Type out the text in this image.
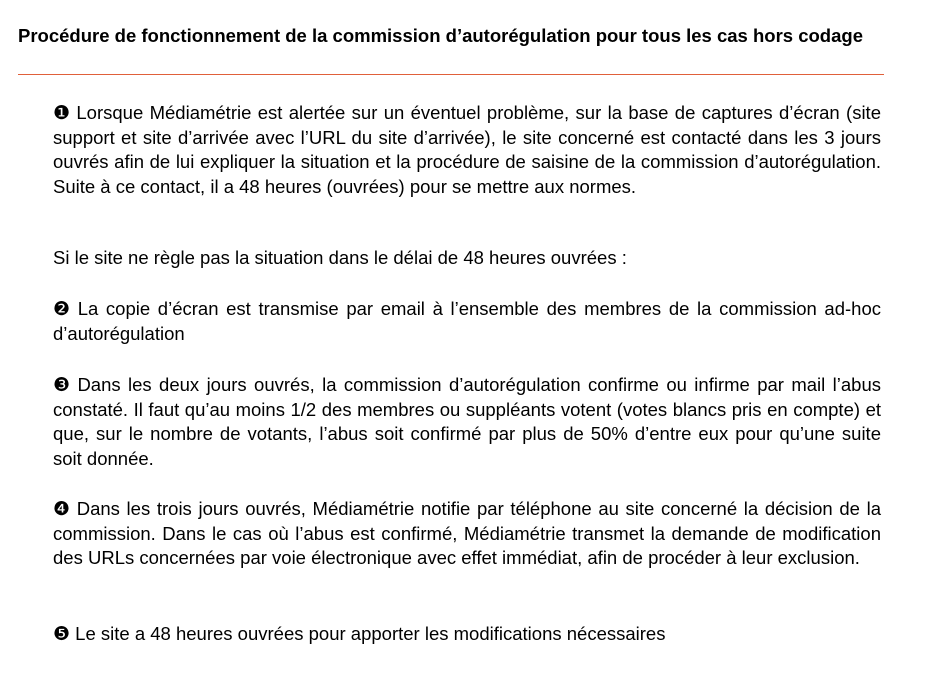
Procédure de fonctionnement de la commission d’autorégulation pour tous les cas hors codage

❶ Lorsque Médiamétrie est alertée sur un éventuel problème, sur la base de captures d’écran (site support et site d’arrivée avec l’URL du site d’arrivée), le site concerné est contacté dans les 3 jours ouvrés afin de lui expliquer la situation et la procédure de saisine de la commission d’autorégulation. Suite à ce contact, il a 48 heures (ouvrées) pour se mettre aux normes.

Si le site ne règle pas la situation dans le délai de 48 heures ouvrées :

❷ La copie d’écran est transmise par email à l’ensemble des membres de la commission ad-hoc d’autorégulation

❸ Dans les deux jours ouvrés, la commission d’autorégulation confirme ou infirme par mail l’abus constaté. Il faut qu’au moins 1/2 des membres ou suppléants votent (votes blancs pris en compte) et que, sur le nombre de votants, l’abus soit confirmé par plus de 50% d’entre eux pour qu’une suite soit donnée.

❹ Dans les trois jours ouvrés, Médiamétrie notifie par téléphone au site concerné la décision de la commission. Dans le cas où l’abus est confirmé, Médiamétrie transmet la demande de modification des URLs concernées par voie électronique avec effet immédiat, afin de procéder à leur exclusion.

❺ Le site a 48 heures ouvrées pour apporter les modifications nécessaires
